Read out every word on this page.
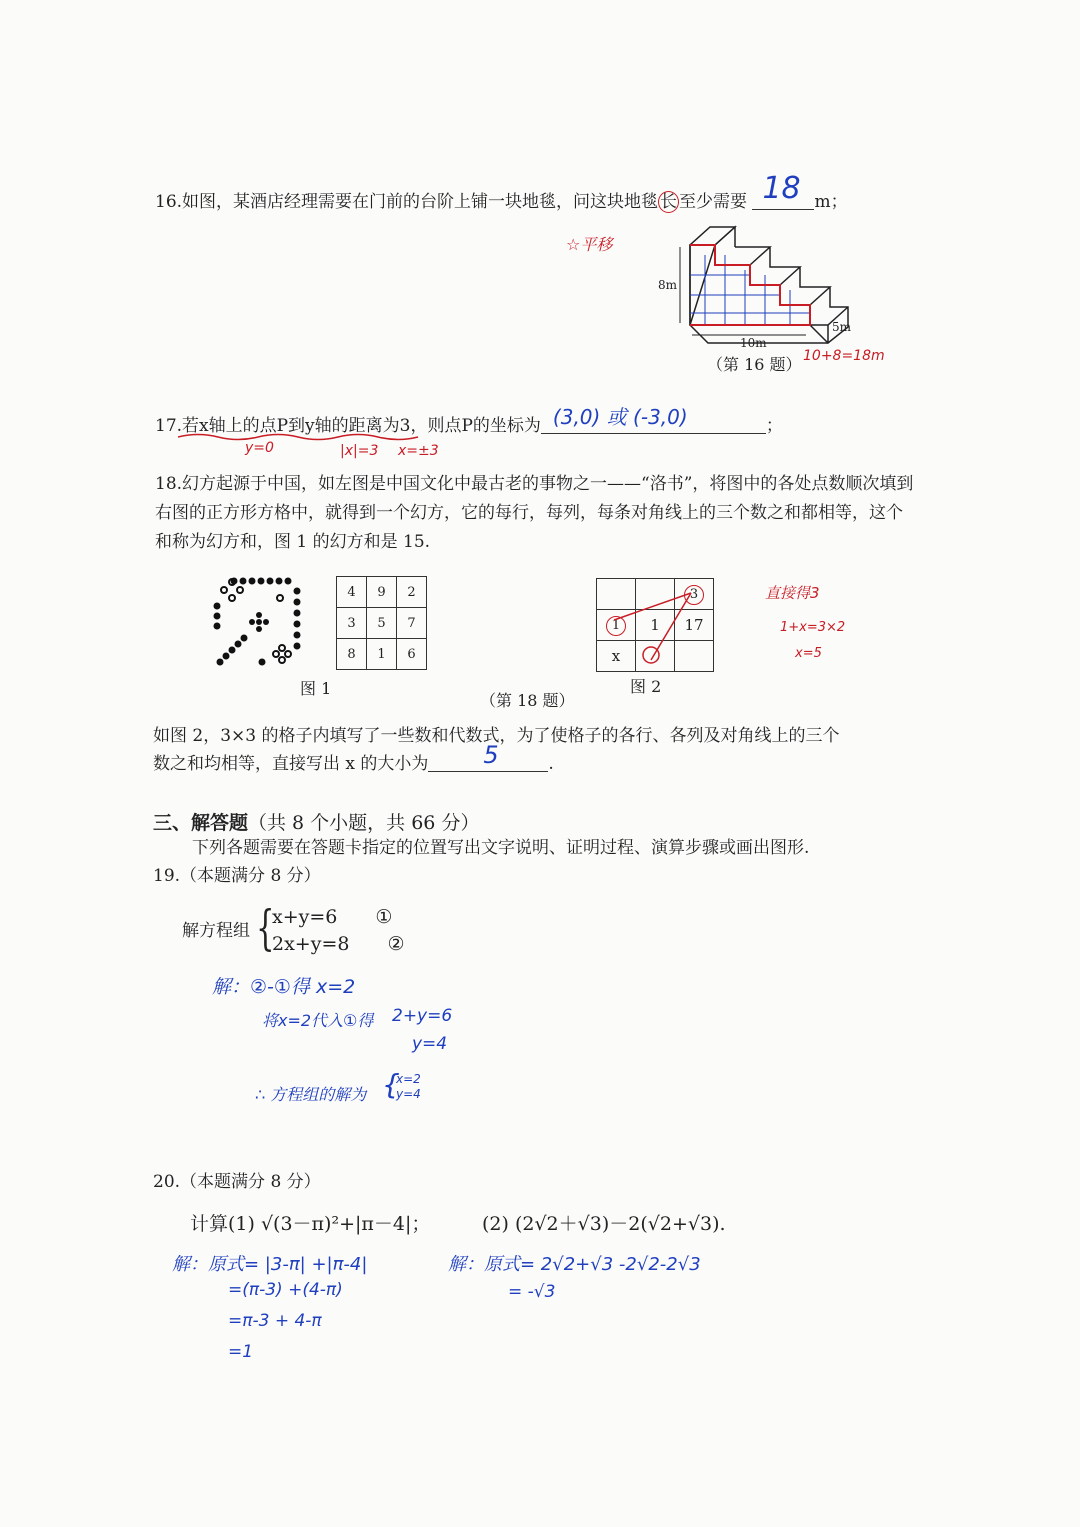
16.如图，某酒店经理需要在门前的台阶上铺一块地毯，问这块地毯 长 至少需要 18 m；
☆平移
8m
10m
5m
（第 16 题） 10+8=18m
17.若x轴上的点P到y轴的距离为3，则点P的坐标为 (3,0) 或 (-3,0)	；
y=0	|x|=3 x=±3
18.幻方起源于中国，如左图是中国文化中最古老的事物之一——“洛书”，将图中的各处点数顺次填到右图的正方形方格中，就得到一个幻方，它的每行，每列，每条对角线上的三个数之和都相等，这个和称为幻方和，图 1 的幻方和是 15.
4	9	2
3	5	7
8	1	6
图 1
		3
1	1	17
x		
图 2
（第 18 题）
直接得3
1+x=3×2
x=5
如图 2，3×3 的格子内填写了一些数和代数式，为了使格子的各行、各列及对角线上的三个
数之和均相等，直接写出 x 的大小为 5	.
三、解答题（共 8 个小题，共 66 分）
下列各题需要在答题卡指定的位置写出文字说明、证明过程、演算步骤或画出图形.
19.（本题满分 8 分）
解方程组 {
x+y=6 ①
2x+y=8 ②
解：②-①得 x=2
将x=2代入①得 2+y=6
y=4
∴ 方程组的解为 {
x=2
y=4
20.（本题满分 8 分）
计算(1) √(3－π)²+|π－4|；	(2) (2√2＋√3)－2(√2+√3).
解：原式= |3-π| +|π-4|
=(π-3) +(4-π)
=π-3 + 4-π
=1
解：原式= 2√2+√3 -2√2-2√3
= -√3
